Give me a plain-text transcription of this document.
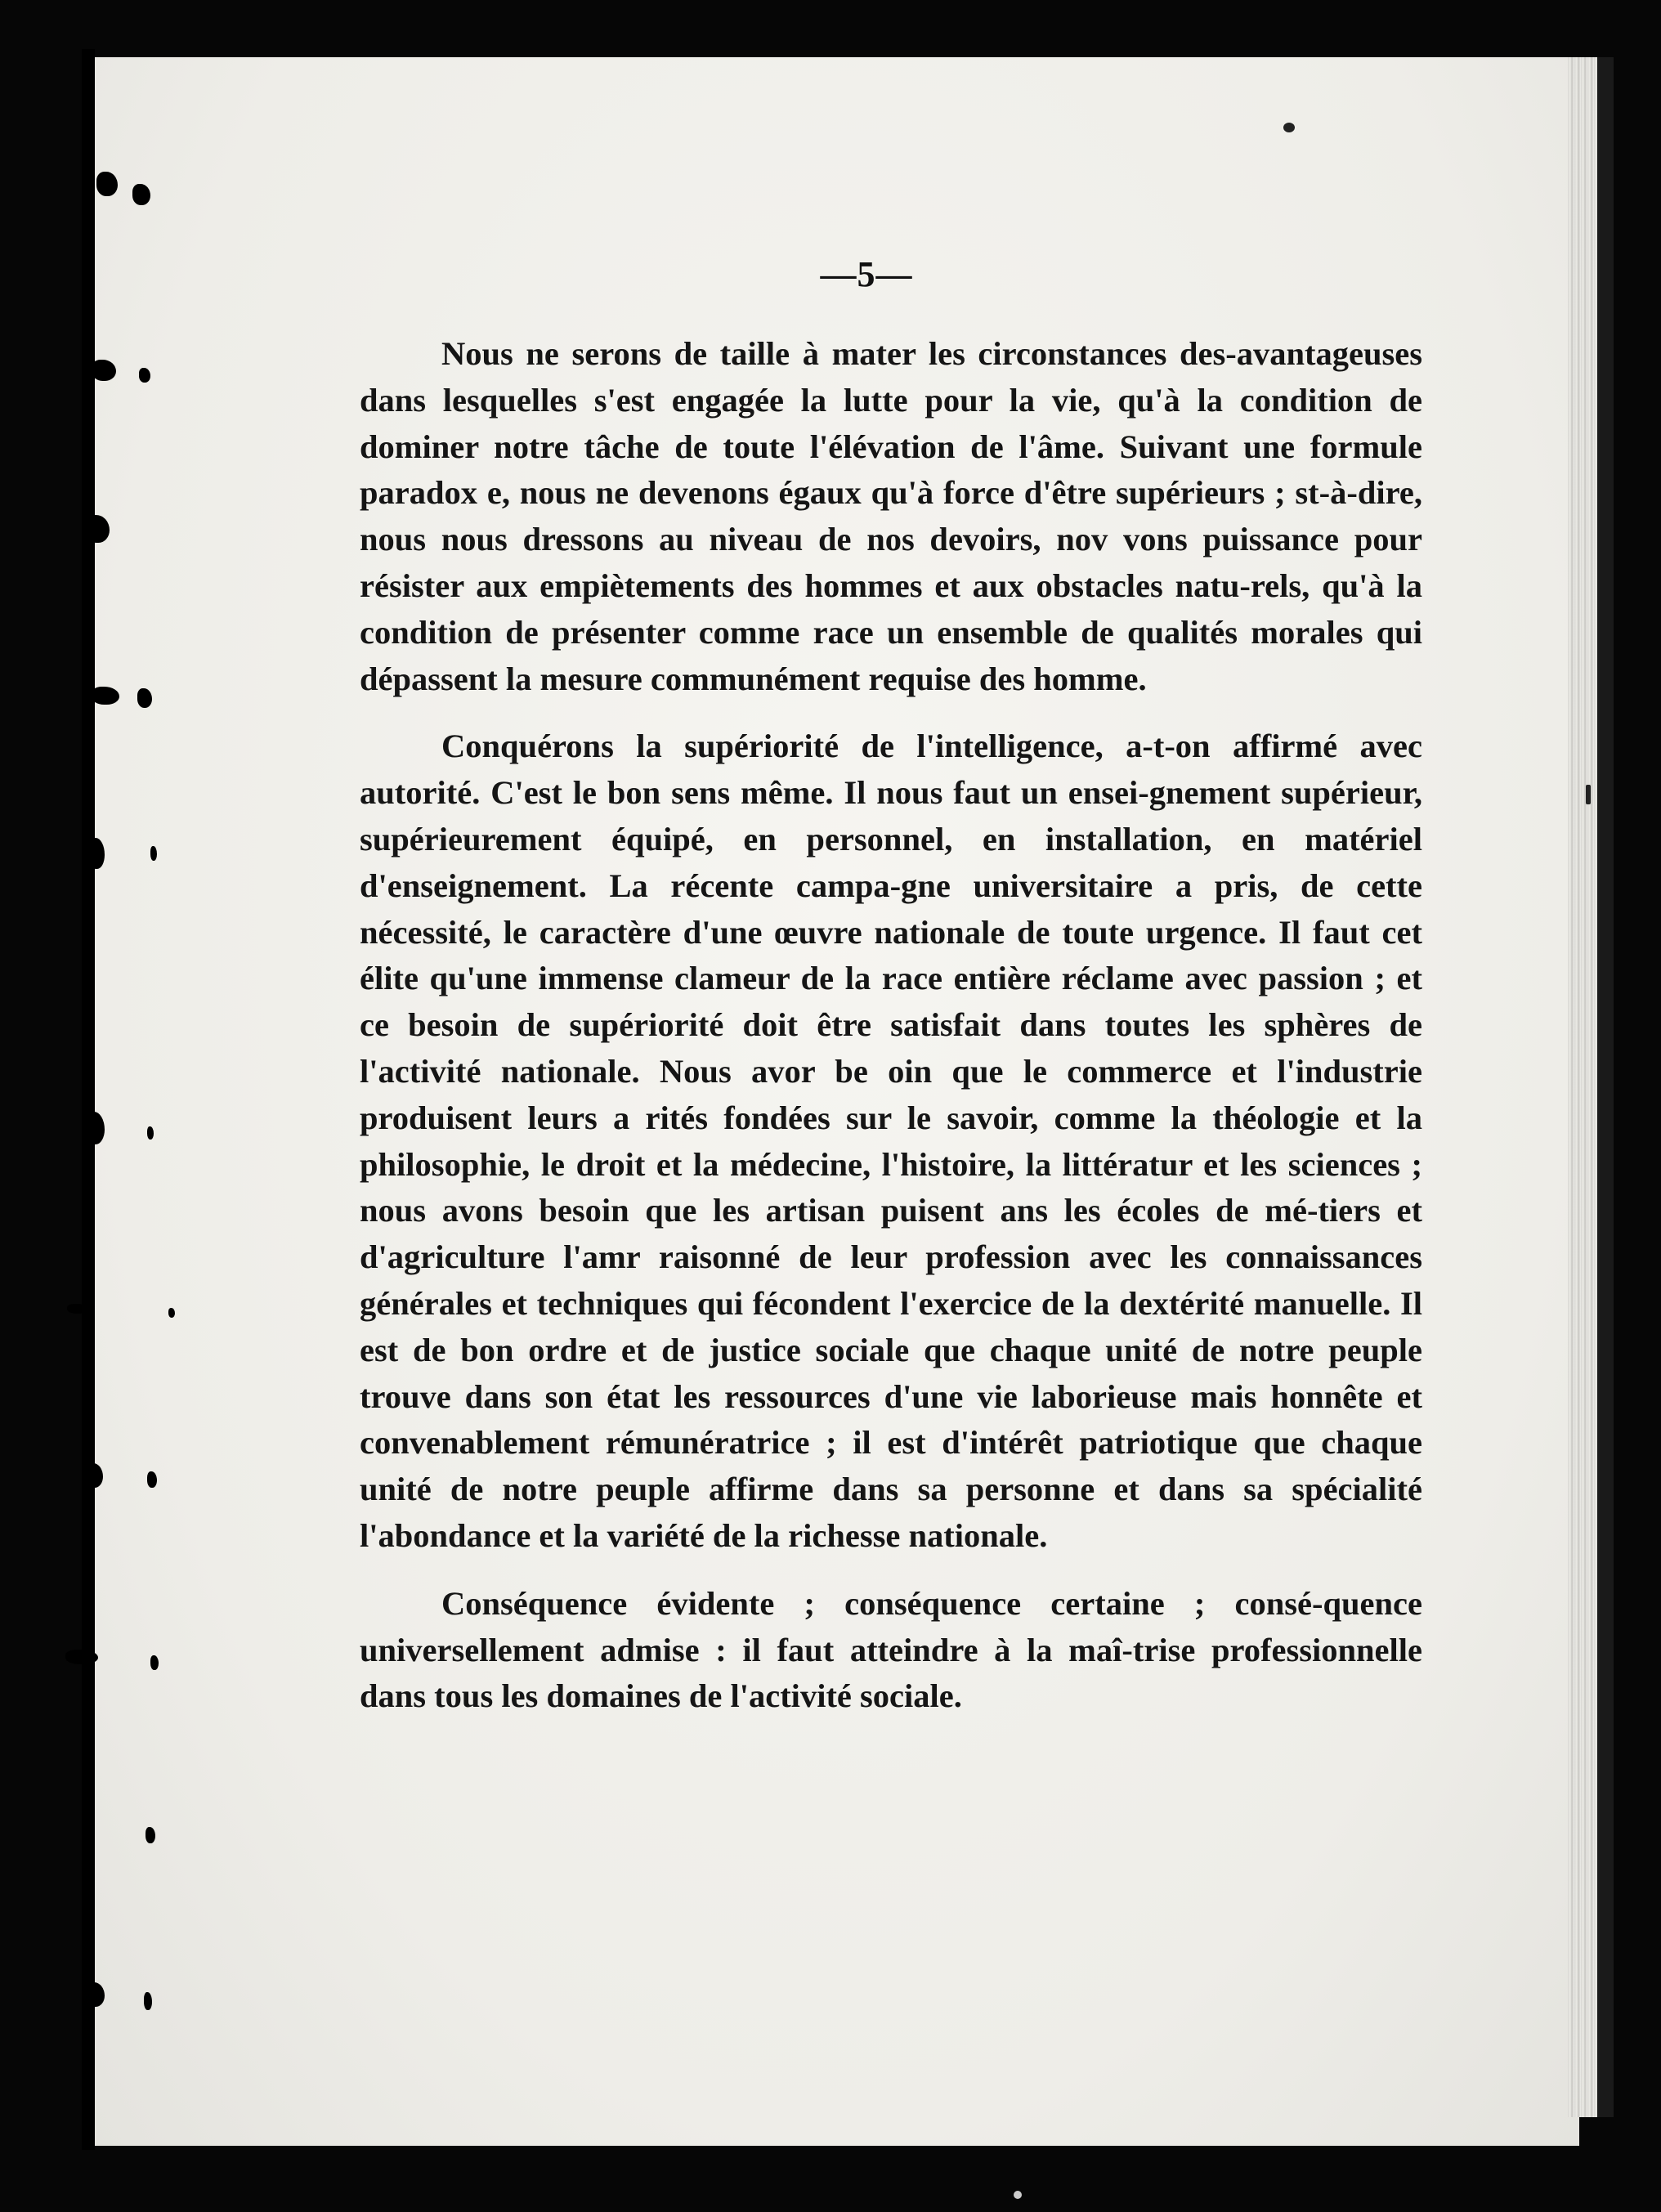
—5—

Nous ne serons de taille à mater les circonstances des-avantageuses dans lesquelles s'est engagée la lutte pour la vie, qu'à la condition de dominer notre tâche de toute l'élévation de l'âme. Suivant une formule paradox e, nous ne devenons égaux qu'à force d'être supérieurs ; st-à-dire, nous nous dressons au niveau de nos devoirs, nov vons puissance pour résister aux empiètements des hommes et aux obstacles natu-rels, qu'à la condition de présenter comme race un ensemble de qualités morales qui dépassent la mesure communément requise des homme.

Conquérons la supériorité de l'intelligence, a-t-on affirmé avec autorité. C'est le bon sens même. Il nous faut un ensei-gnement supérieur, supérieurement équipé, en personnel, en installation, en matériel d'enseignement. La récente campa-gne universitaire a pris, de cette nécessité, le caractère d'une œuvre nationale de toute urgence. Il faut cet élite qu'une immense clameur de la race entière réclame avec passion ; et ce besoin de supériorité doit être satisfait dans toutes les sphères de l'activité nationale. Nous avor be oin que le commerce et l'industrie produisent leurs a rités fondées sur le savoir, comme la théologie et la philosophie, le droit et la médecine, l'histoire, la littératur et les sciences ; nous avons besoin que les artisan puisent ans les écoles de mé-tiers et d'agriculture l'amr raisonné de leur profession avec les connaissances générales et techniques qui fécondent l'exercice de la dextérité manuelle. Il est de bon ordre et de justice sociale que chaque unité de notre peuple trouve dans son état les ressources d'une vie laborieuse mais honnête et convenablement rémunératrice ; il est d'intérêt patriotique que chaque unité de notre peuple affirme dans sa personne et dans sa spécialité l'abondance et la variété de la richesse nationale.

Conséquence évidente ; conséquence certaine ; consé-quence universellement admise : il faut atteindre à la maî-trise professionnelle dans tous les domaines de l'activité sociale.
